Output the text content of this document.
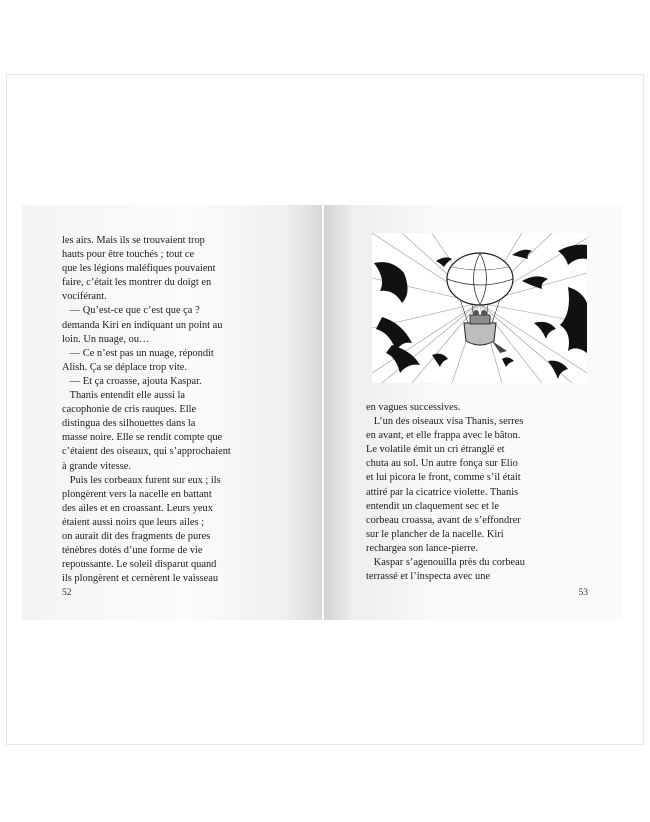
les airs. Mais ils se trouvaient trop
hauts pour être touchés ; tout ce
que les légions maléfiques pouvaient
faire, c’était les montrer du doigt en
vociférant.
— Qu’est-ce que c’est que ça ?
demanda Kiri en indiquant un point au
loin. Un nuage, ou…
— Ce n’est pas un nuage, répondit
Alish. Ça se déplace trop vite.
— Et ça croasse, ajouta Kaspar.
Thanis entendit elle aussi la
cacophonie de cris rauques. Elle
distingua des silhouettes dans la
masse noire. Elle se rendit compte que
c’étaient des oiseaux, qui s’approchaient
à grande vitesse.
Puis les corbeaux furent sur eux ; ils
plongèrent vers la nacelle en battant
des ailes et en croassant. Leurs yeux
étaient aussi noirs que leurs ailes ;
on aurait dit des fragments de pures
ténèbres dotés d’une forme de vie
repoussante. Le soleil disparut quand
ils plongèrent et cernèrent le vaisseau
52
en vagues successives.
L’un des oiseaux visa Thanis, serres
en avant, et elle frappa avec le bâton.
Le volatile émit un cri étranglé et
chuta au sol. Un autre fonça sur Elio
et lui picora le front, comme s’il était
attiré par la cicatrice violette. Thanis
entendit un claquement sec et le
corbeau croassa, avant de s’effondrer
sur le plancher de la nacelle. Kiri
rechargea son lance-pierre.
Kaspar s’agenouilla près du corbeau
terrassé et l’inspecta avec une
53
